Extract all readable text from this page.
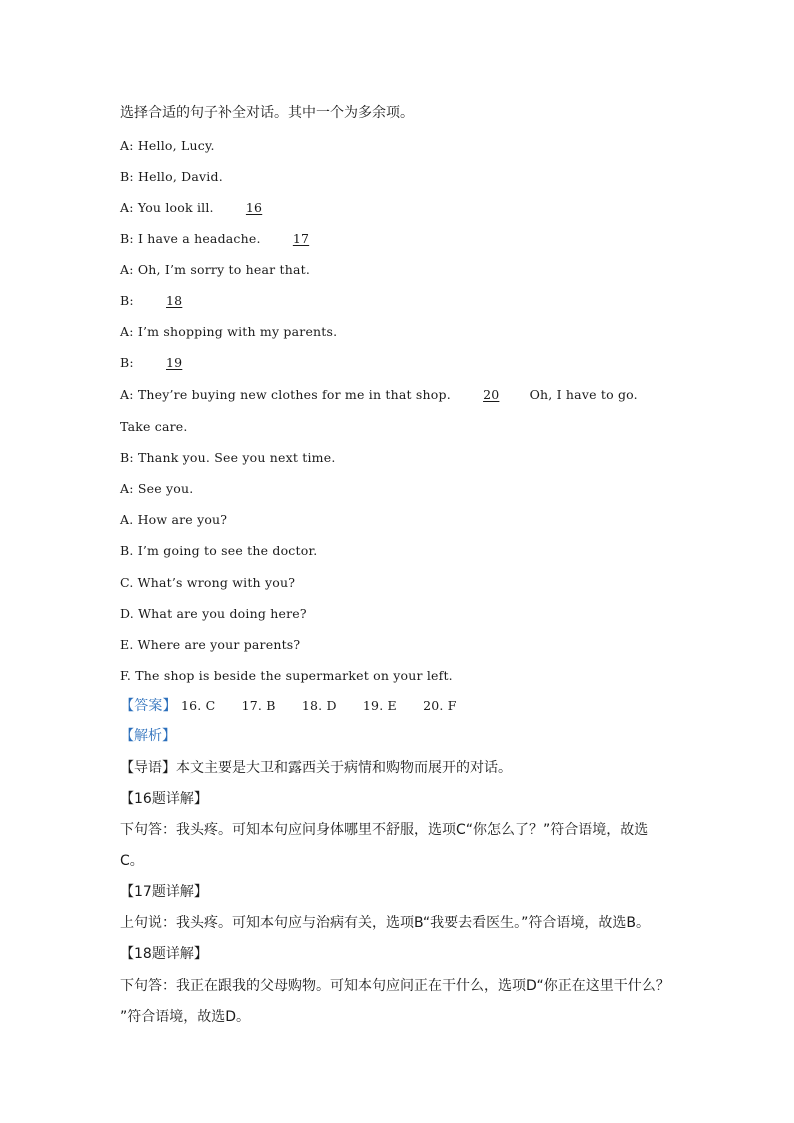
选择合适的句子补全对话。其中一个为多余项。
A: Hello, Lucy.
B: Hello, David.
A: You look ill.	16
B: I have a headache.	17
A: Oh, I’m sorry to hear that.
B:	18
A: I’m shopping with my parents.
B:	19
A: They’re buying new clothes for me in that shop.	20 Oh, I have to go.
Take care.
B: Thank you. See you next time.
A: See you.
A. How are you?
B. I’m going to see the doctor.
C. What’s wrong with you?
D. What are you doing here?
E. Where are your parents?
F. The shop is beside the supermarket on your left.
【答案】 16. C 17. B 18. D 19. E 20. F
【解析】
【导语】本文主要是大卫和露西关于病情和购物而展开的对话。
【16题详解】
下句答：我头疼。可知本句应问身体哪里不舒服，选项C“你怎么了？”符合语境，故选
C。
【17题详解】
上句说：我头疼。可知本句应与治病有关，选项B“我要去看医生。”符合语境，故选B。
【18题详解】
下句答：我正在跟我的父母购物。可知本句应问正在干什么，选项D“你正在这里干什么？
”符合语境，故选D。
